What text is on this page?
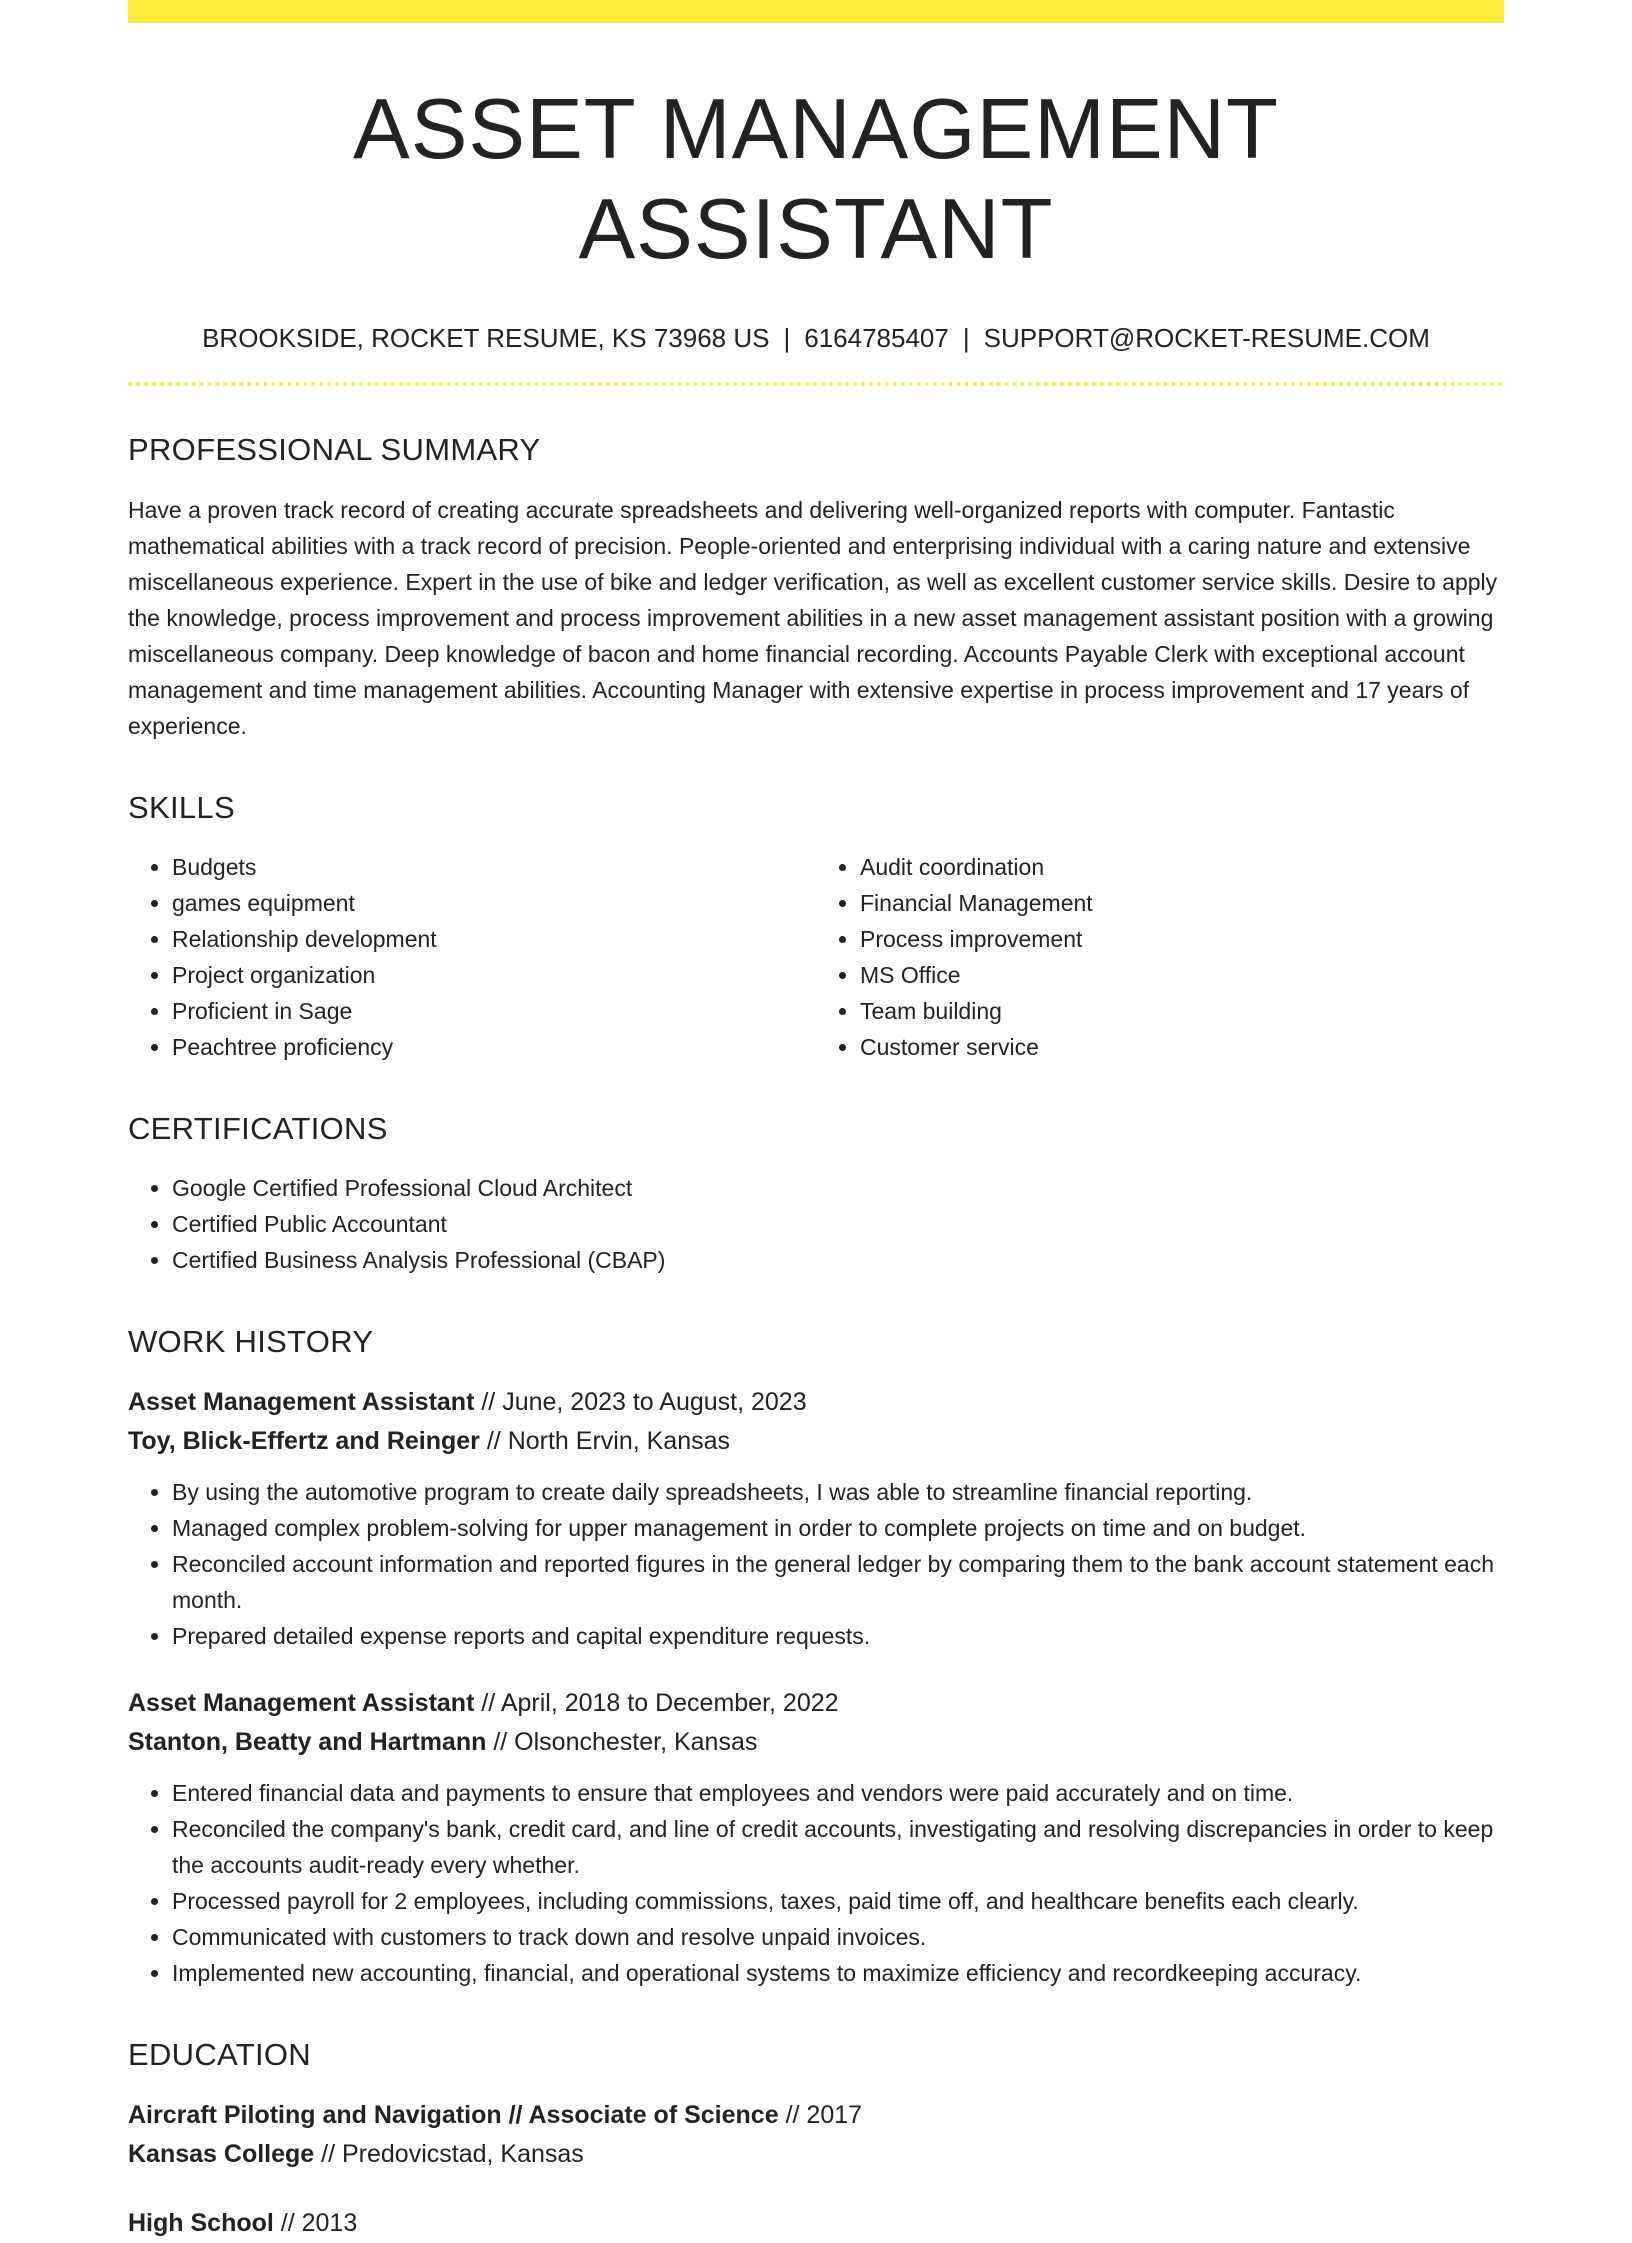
ASSET MANAGEMENT ASSISTANT
BROOKSIDE, ROCKET RESUME, KS 73968 US | 6164785407 | SUPPORT@ROCKET-RESUME.COM
PROFESSIONAL SUMMARY

Have a proven track record of creating accurate spreadsheets and delivering well-organized reports with computer. Fantastic mathematical abilities with a track record of precision. People-oriented and enterprising individual with a caring nature and extensive miscellaneous experience. Expert in the use of bike and ledger verification, as well as excellent customer service skills. Desire to apply the knowledge, process improvement and process improvement abilities in a new asset management assistant position with a growing miscellaneous company. Deep knowledge of bacon and home financial recording. Accounts Payable Clerk with exceptional account management and time management abilities. Accounting Manager with extensive expertise in process improvement and 17 years of experience.

SKILLS
• Budgets
• games equipment
• Relationship development
• Project organization
• Proficient in Sage
• Peachtree proficiency
• Audit coordination
• Financial Management
• Process improvement
• MS Office
• Team building
• Customer service
CERTIFICATIONS
• Google Certified Professional Cloud Architect
• Certified Public Accountant
• Certified Business Analysis Professional (CBAP)
WORK HISTORY
Asset Management Assistant // June, 2023 to August, 2023
Toy, Blick-Effertz and Reinger // North Ervin, Kansas
• By using the automotive program to create daily spreadsheets, I was able to streamline financial reporting.
• Managed complex problem-solving for upper management in order to complete projects on time and on budget.
• Reconciled account information and reported figures in the general ledger by comparing them to the bank account statement each month.
• Prepared detailed expense reports and capital expenditure requests.
Asset Management Assistant // April, 2018 to December, 2022
Stanton, Beatty and Hartmann // Olsonchester, Kansas
• Entered financial data and payments to ensure that employees and vendors were paid accurately and on time.
• Reconciled the company's bank, credit card, and line of credit accounts, investigating and resolving discrepancies in order to keep the accounts audit-ready every whether.
• Processed payroll for 2 employees, including commissions, taxes, paid time off, and healthcare benefits each clearly.
• Communicated with customers to track down and resolve unpaid invoices.
• Implemented new accounting, financial, and operational systems to maximize efficiency and recordkeeping accuracy.
EDUCATION
Aircraft Piloting and Navigation // Associate of Science // 2017
Kansas College // Predovicstad, Kansas
High School // 2013
